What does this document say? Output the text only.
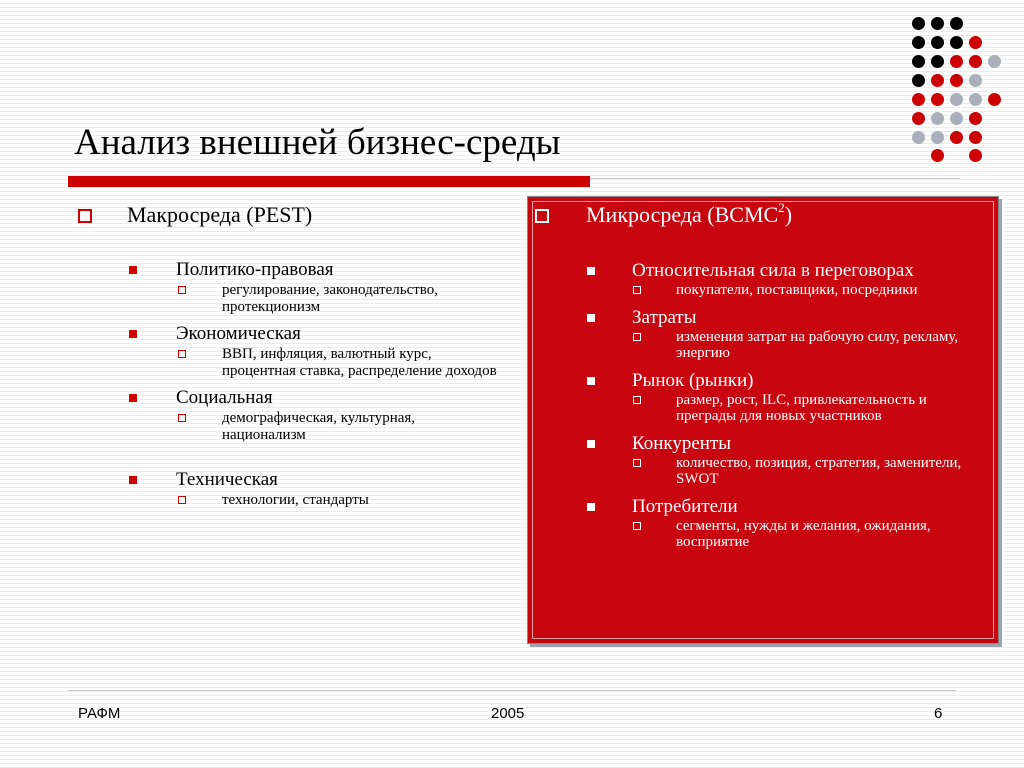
Анализ внешней бизнес-среды
Макросреда (PEST)
Политико-правовая
регулирование, законодательство, протекционизм
Экономическая
ВВП, инфляция, валютный курс, процентная ставка, распределение доходов
Социальная
демографическая, культурная, национализм
Техническая
технологии, стандарты
Микросреда (ВСМС$^2$)
Относительная сила в переговорах
покупатели, поставщики, посредники
Затраты
изменения затрат на рабочую силу, рекламу, энергию
Рынок (рынки)
размер, рост, ILC, привлекательность и преграды для новых участников
Конкуренты
количество, позиция, стратегия, заменители, SWOT
Потребители
сегменты, нужды и желания, ожидания, восприятие
РАФМ	2005	6
